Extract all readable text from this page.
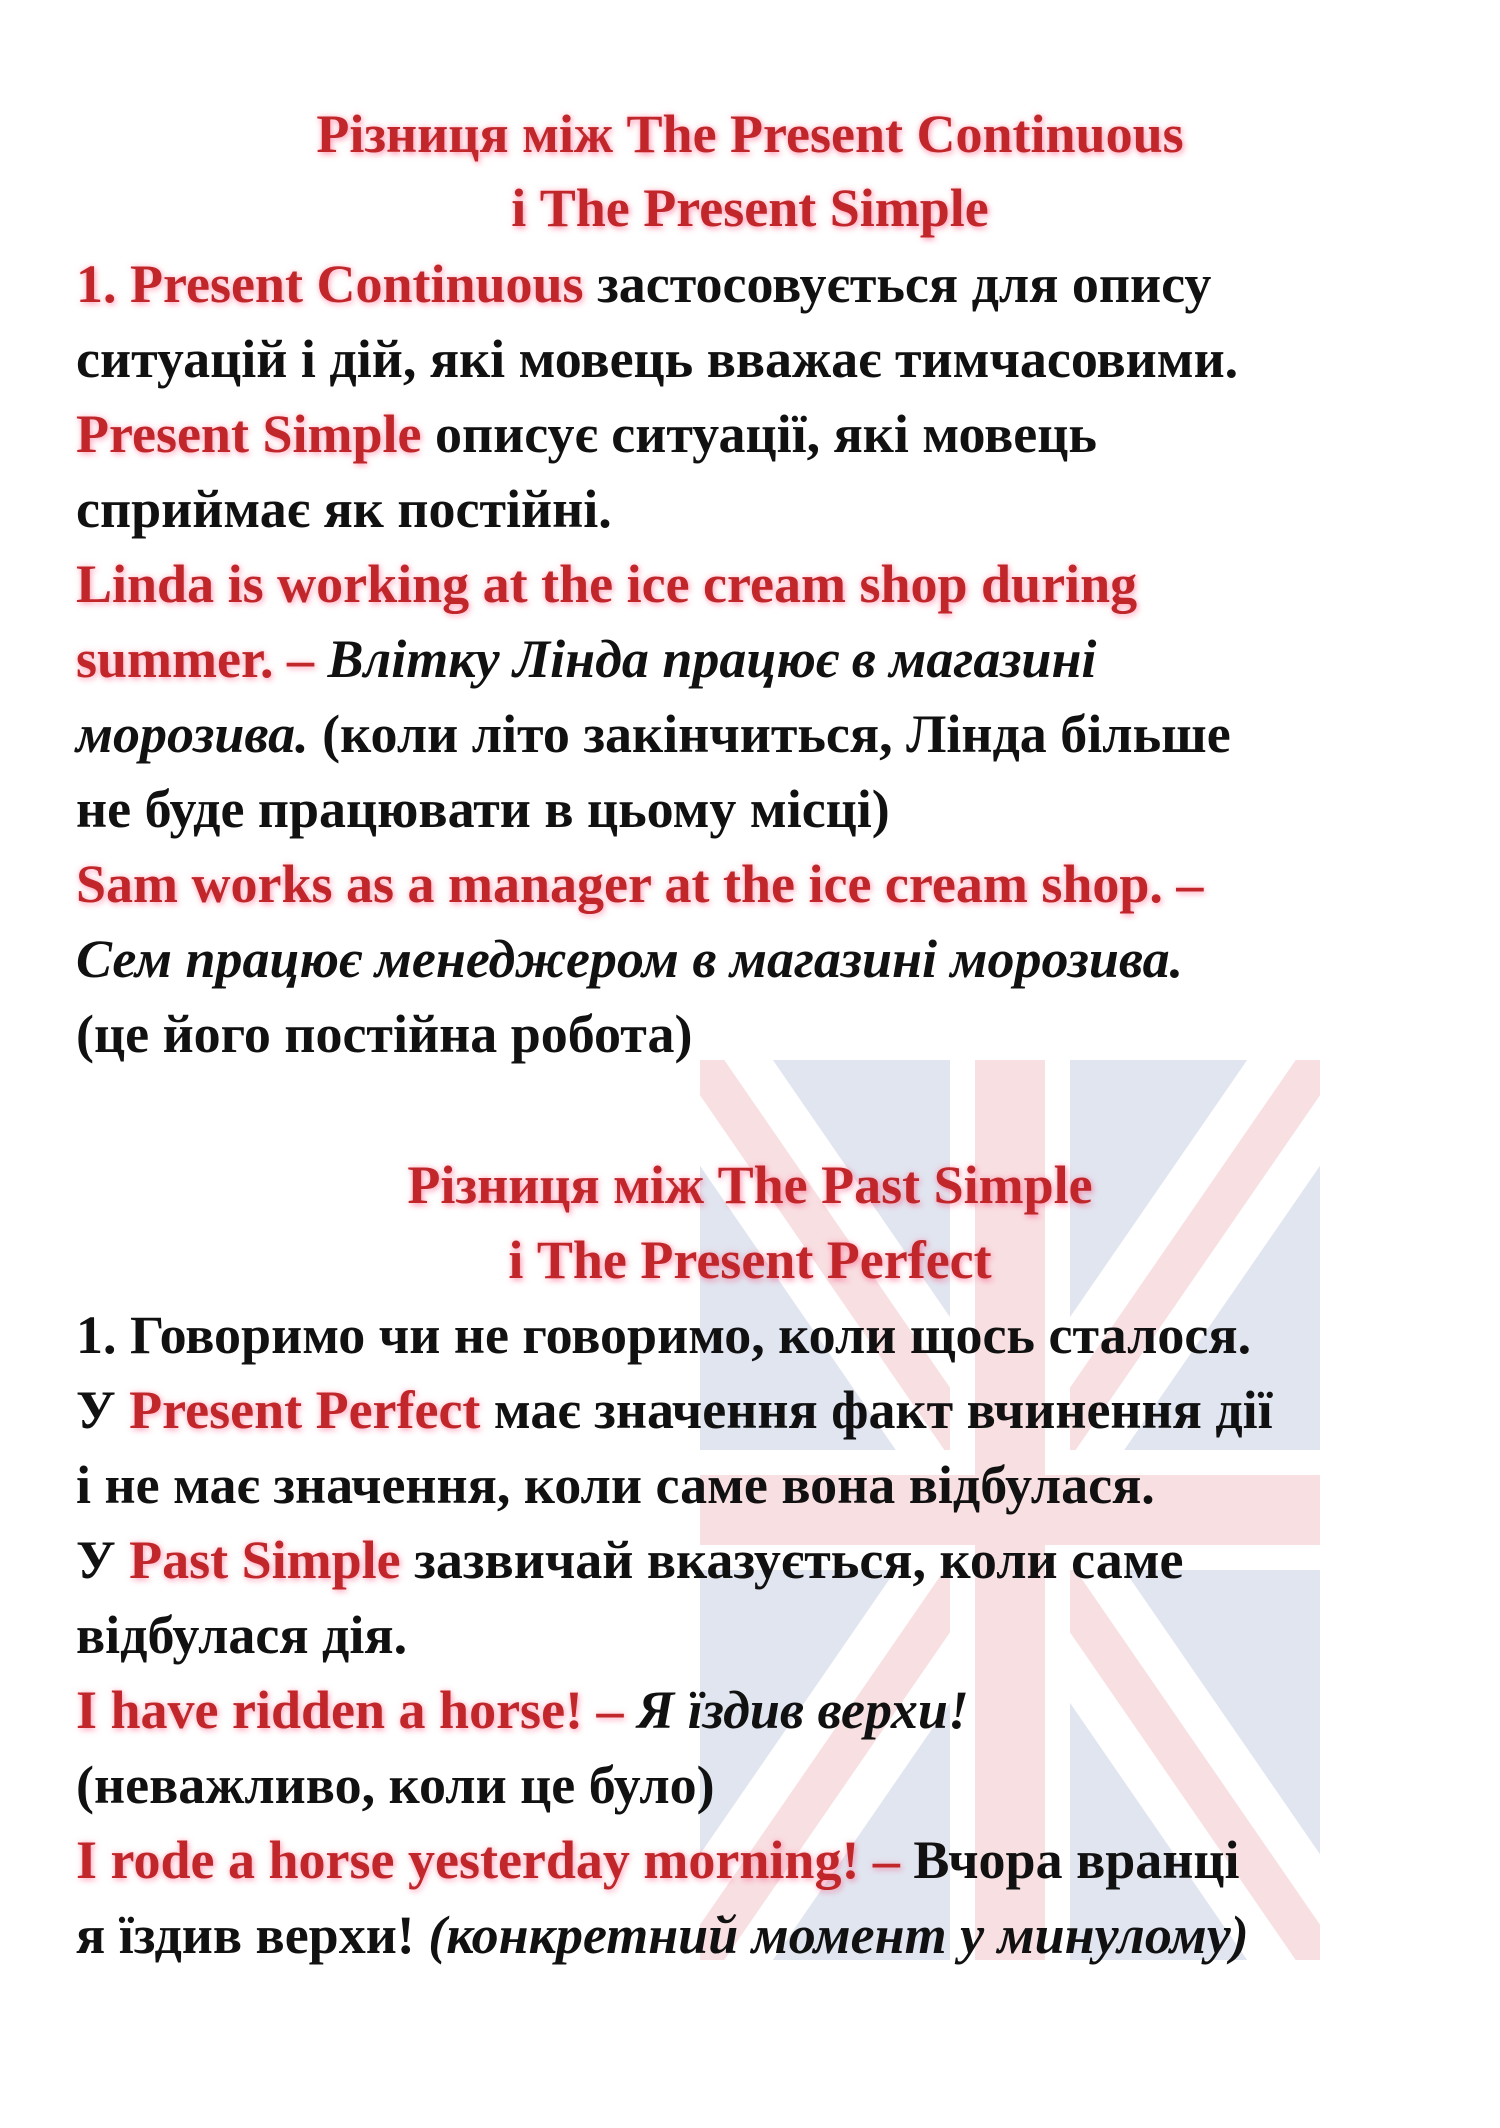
Різниця між The Present Continuous
і The Present Simple
1. Present Continuous застосовується для опису
ситуацій і дій, які мовець вважає тимчасовими.
Present Simple описує ситуації, які мовець
сприймає як постійні.
Linda is working at the ice cream shop during
summer. – Влітку Лінда працює в магазині
морозива. (коли літо закінчиться, Лінда більше
не буде працювати в цьому місці)
Sam works as a manager at the ice cream shop. –
Сем працює менеджером в магазині морозива.
(це його постійна робота)
Різниця між The Past Simple
і The Present Perfect
1. Говоримо чи не говоримо, коли щось сталося.
У Present Perfect має значення факт вчинення дії
і не має значення, коли саме вона відбулася.
У Past Simple зазвичай вказується, коли саме
відбулася дія.
I have ridden a horse! – Я їздив верхи!
(неважливо, коли це було)
I rode a horse yesterday morning! – Вчора вранці
я їздив верхи! (конкретний момент у минулому)
